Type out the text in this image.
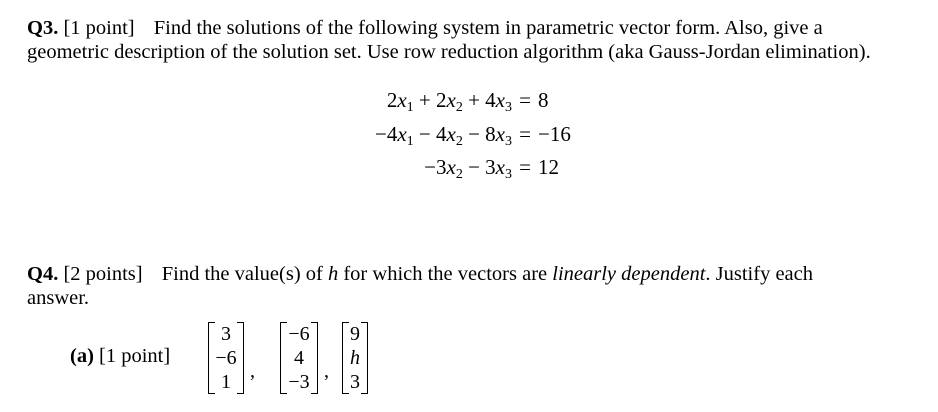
Q3. [1 point] Find the solutions of the following system in parametric vector form. Also, give a
geometric description of the solution set. Use row reduction algorithm (aka Gauss-Jordan elimination).
2x1 + 2x2 + 4x3 = 8
−4x1 − 4x2 − 8x3 = −16
−3x2 − 3x3 = 12
Q4. [2 points] Find the value(s) of h for which the vectors are linearly dependent. Justify each
answer.
(a) [1 point]
3
−6
1 ,
−6
4
−3 ,
9
h
3
